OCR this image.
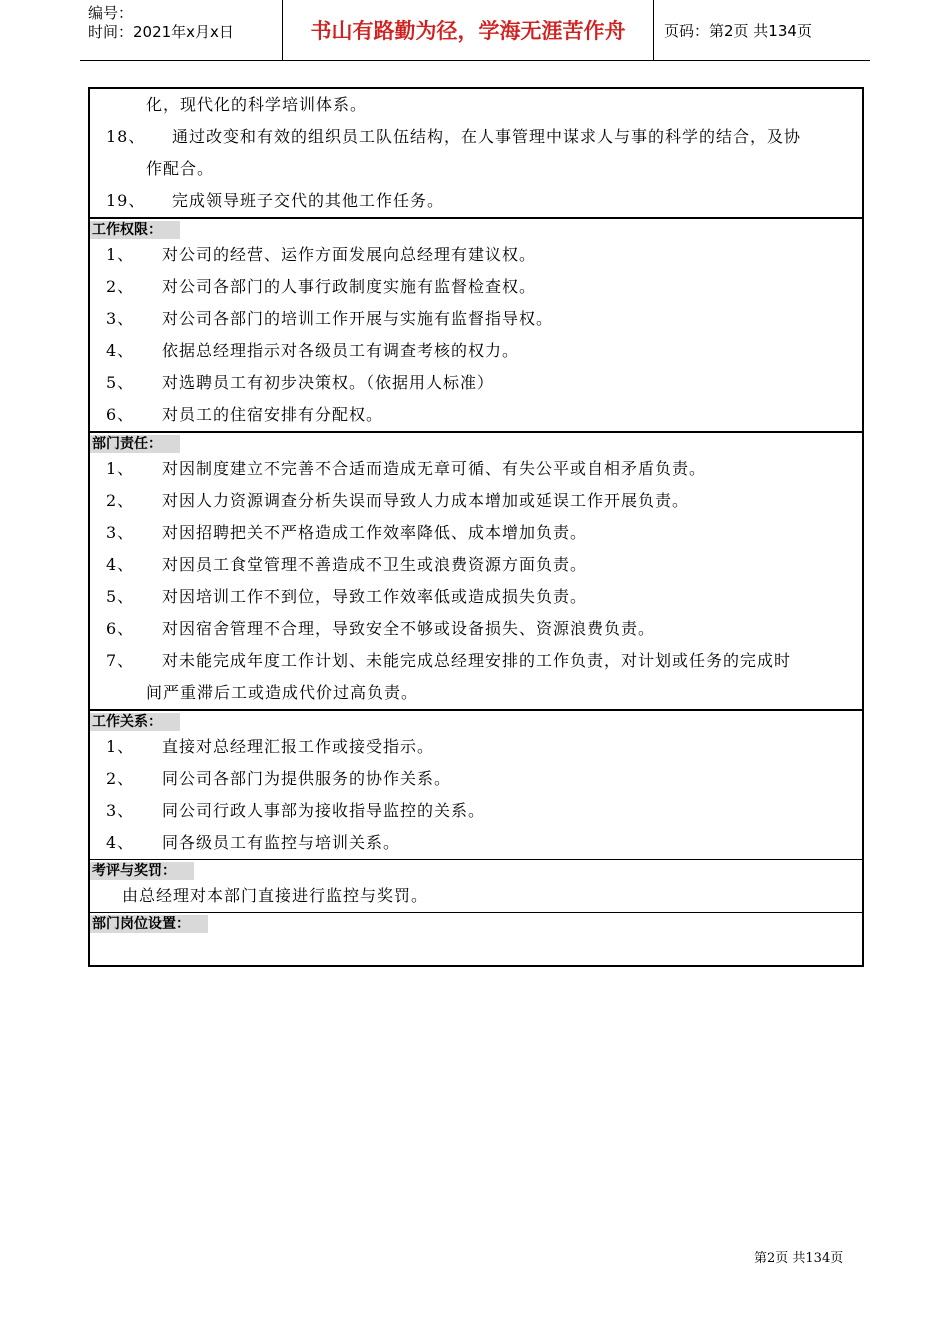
编号：
时间：2021年x月x日	书山有路勤为径，学海无涯苦作舟	页码：第2页 共134页
化，现代化的科学培训体系。
18、	通过改变和有效的组织员工队伍结构，在人事管理中谋求人与事的科学的结合，及协
作配合。
19、	完成领导班子交代的其他工作任务。
工作权限：
1、	对公司的经营、运作方面发展向总经理有建议权。
2、	对公司各部门的人事行政制度实施有监督检查权。
3、	对公司各部门的培训工作开展与实施有监督指导权。
4、	依据总经理指示对各级员工有调查考核的权力。
5、	对选聘员工有初步决策权。（依据用人标准）
6、	对员工的住宿安排有分配权。
部门责任：
1、	对因制度建立不完善不合适而造成无章可循、有失公平或自相矛盾负责。
2、	对因人力资源调查分析失误而导致人力成本增加或延误工作开展负责。
3、	对因招聘把关不严格造成工作效率降低、成本增加负责。
4、	对因员工食堂管理不善造成不卫生或浪费资源方面负责。
5、	对因培训工作不到位，导致工作效率低或造成损失负责。
6、	对因宿舍管理不合理，导致安全不够或设备损失、资源浪费负责。
7、	对未能完成年度工作计划、未能完成总经理安排的工作负责，对计划或任务的完成时
间严重滞后工或造成代价过高负责。
工作关系：
1、	直接对总经理汇报工作或接受指示。
2、	同公司各部门为提供服务的协作关系。
3、	同公司行政人事部为接收指导监控的关系。
4、	同各级员工有监控与培训关系。
考评与奖罚：
由总经理对本部门直接进行监控与奖罚。
部门岗位设置：
第2页 共134页
